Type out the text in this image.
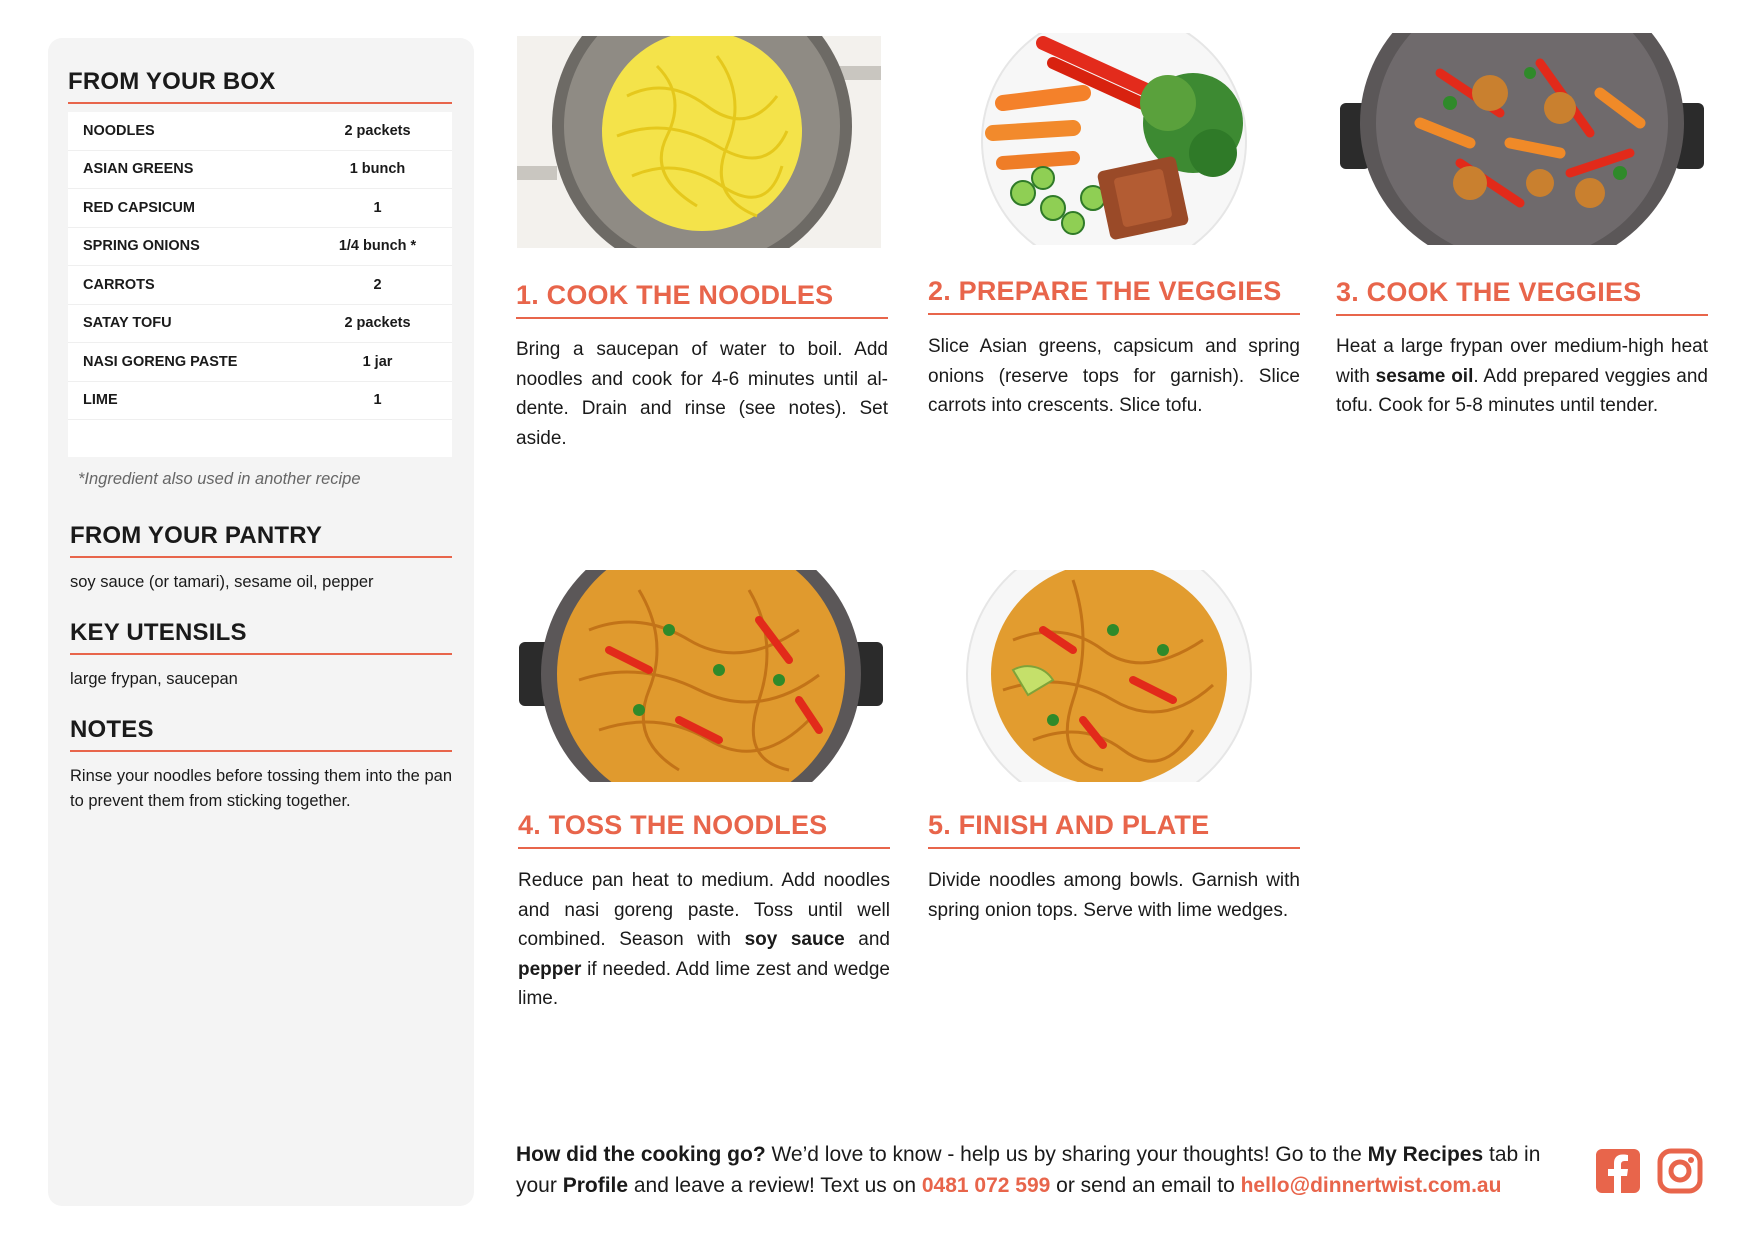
FROM YOUR BOX
NOODLES	2 packets
ASIAN GREENS	1 bunch
RED CAPSICUM	1
SPRING ONIONS	1/4 bunch *
CARROTS	2
SATAY TOFU	2 packets
NASI GORENG PASTE	1 jar
LIME	1

*Ingredient also used in another recipe
FROM YOUR PANTRY
soy sauce (or tamari), sesame oil, pepper
KEY UTENSILS
large frypan, saucepan
NOTES
Rinse your noodles before tossing them into the pan to prevent them from sticking together.
1. COOK THE NOODLES
Bring a saucepan of water to boil. Add noodles and cook for 4-6 minutes until al-dente. Drain and rinse (see notes). Set aside.
2. PREPARE THE VEGGIES
Slice Asian greens, capsicum and spring onions (reserve tops for garnish). Slice carrots into crescents. Slice tofu.
3. COOK THE VEGGIES
Heat a large frypan over medium-high heat with sesame oil. Add prepared veggies and tofu. Cook for 5-8 minutes until tender.
4. TOSS THE NOODLES
Reduce pan heat to medium. Add noodles and nasi goreng paste. Toss until well combined. Season with soy sauce and pepper if needed. Add lime zest and wedge lime.
5. FINISH AND PLATE
Divide noodles among bowls. Garnish with spring onion tops. Serve with lime wedges.
How did the cooking go? We’d love to know - help us by sharing your thoughts! Go to the My Recipes tab in your Profile and leave a review! Text us on 0481 072 599 or send an email to hello@dinnertwist.com.au
